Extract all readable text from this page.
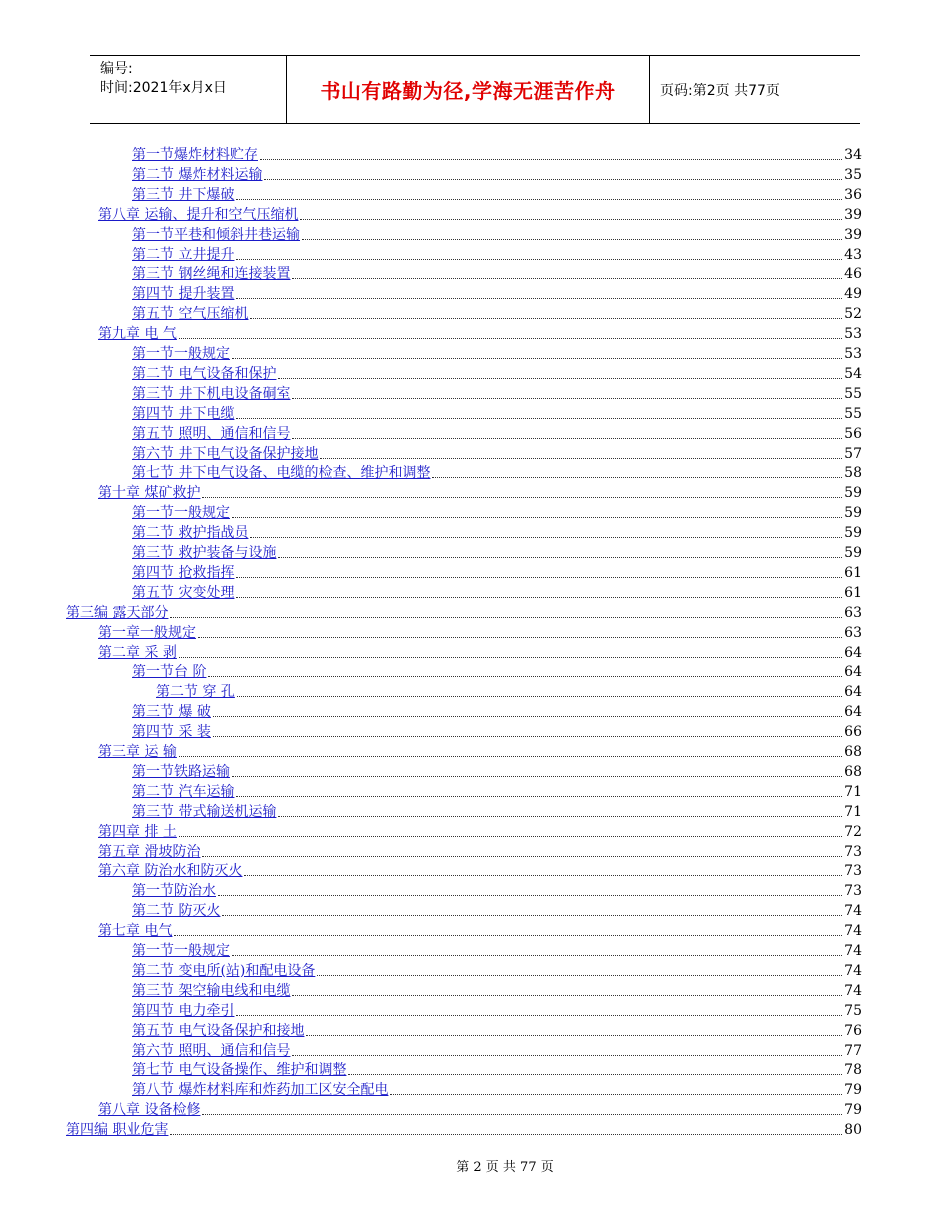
编号:
时间:2021年x月x日	书山有路勤为径,学海无涯苦作舟	页码:第2页 共77页
第一节爆炸材料贮存	34
第二节 爆炸材料运输	35
第三节 井下爆破	36
第八章 运输、提升和空气压缩机	39
第一节平巷和倾斜井巷运输	39
第二节 立井提升	43
第三节 钢丝绳和连接装置	46
第四节 提升装置	49
第五节 空气压缩机	52
第九章 电 气	53
第一节一般规定	53
第二节 电气设备和保护	54
第三节 井下机电设备硐室	55
第四节 井下电缆	55
第五节 照明、通信和信号	56
第六节 井下电气设备保护接地	57
第七节 井下电气设备、电缆的检查、维护和调整	58
第十章 煤矿救护	59
第一节一般规定	59
第二节 救护指战员	59
第三节 救护装备与设施	59
第四节 抢救指挥	61
第五节 灾变处理	61
第三编 露天部分	63
第一章一般规定	63
第二章 采 剥	64
第一节台 阶	64
第二节 穿 孔	64
第三节 爆 破	64
第四节 采 装	66
第三章 运 输	68
第一节铁路运输	68
第二节 汽车运输	71
第三节 带式输送机运输	71
第四章 排 土	72
第五章 滑坡防治	73
第六章 防治水和防灭火	73
第一节防治水	73
第二节 防灭火	74
第七章 电气	74
第一节一般规定	74
第二节 变电所(站)和配电设备	74
第三节 架空输电线和电缆	74
第四节 电力牵引	75
第五节 电气设备保护和接地	76
第六节 照明、通信和信号	77
第七节 电气设备操作、维护和调整	78
第八节 爆炸材料库和炸药加工区安全配电	79
第八章 设备检修	79
第四编 职业危害	80
第 2 页 共 77 页
